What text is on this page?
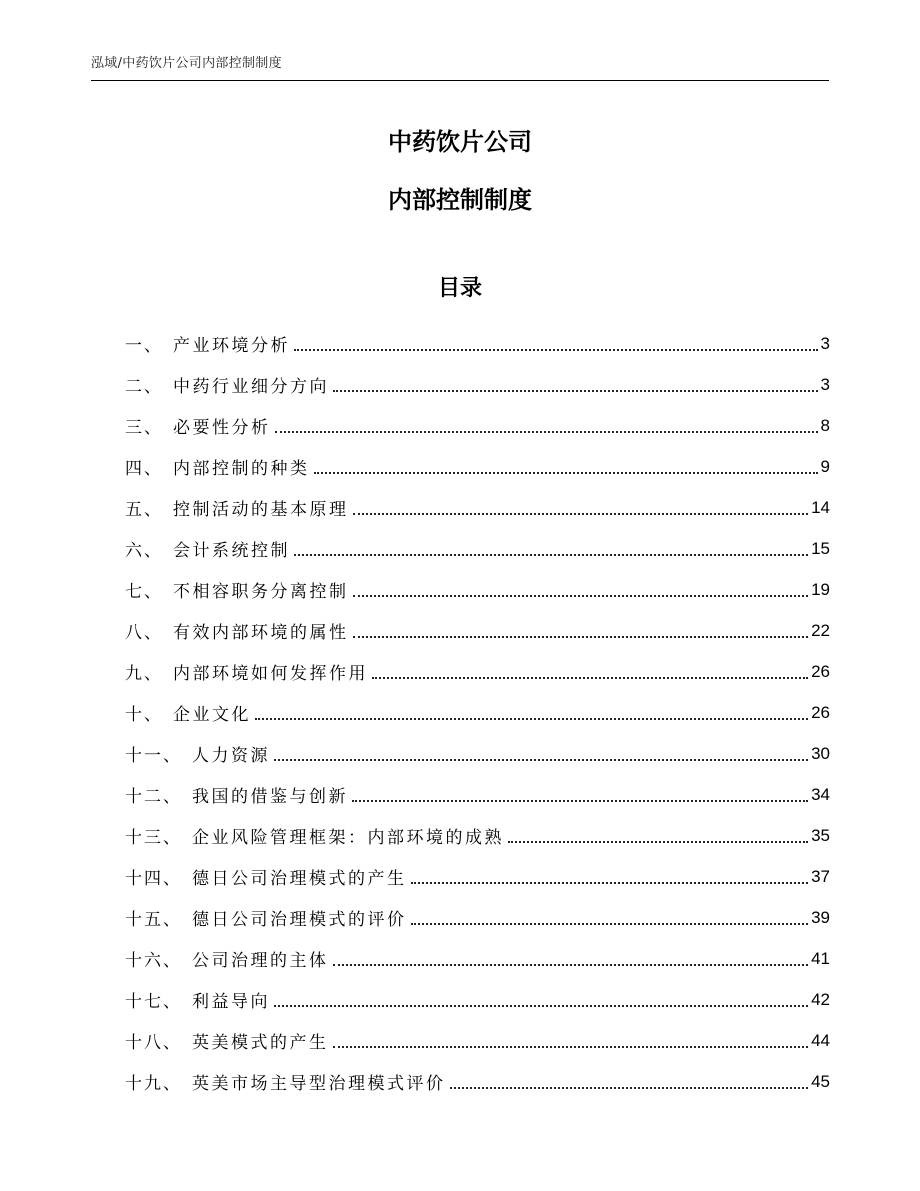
泓域/中药饮片公司内部控制制度
中药饮片公司
内部控制制度
目录
一、 产业环境分析	3
二、 中药行业细分方向	3
三、 必要性分析	8
四、 内部控制的种类	9
五、 控制活动的基本原理	14
六、 会计系统控制	15
七、 不相容职务分离控制	19
八、 有效内部环境的属性	22
九、 内部环境如何发挥作用	26
十、 企业文化	26
十一、 人力资源	30
十二、 我国的借鉴与创新	34
十三、 企业风险管理框架：内部环境的成熟	35
十四、 德日公司治理模式的产生	37
十五、 德日公司治理模式的评价	39
十六、 公司治理的主体	41
十七、 利益导向	42
十八、 英美模式的产生	44
十九、 英美市场主导型治理模式评价	45
